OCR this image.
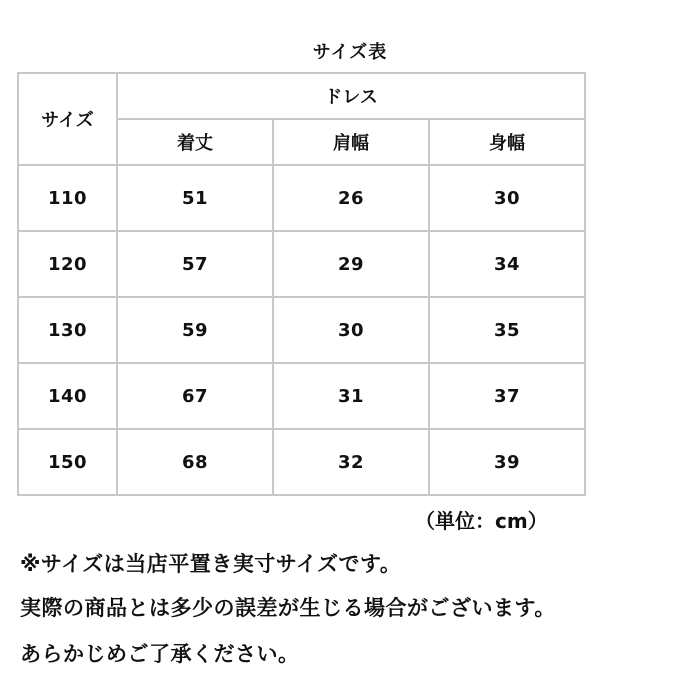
サイズ表
サイズ	ドレス		
	着丈	肩幅	身幅
110	51	26	30
120	57	29	34
130	59	30	35
140	67	31	37
150	68	32	39
（単位：cm）
※サイズは当店平置き実寸サイズです。
実際の商品とは多少の誤差が生じる場合がございます。
あらかじめご了承ください。
